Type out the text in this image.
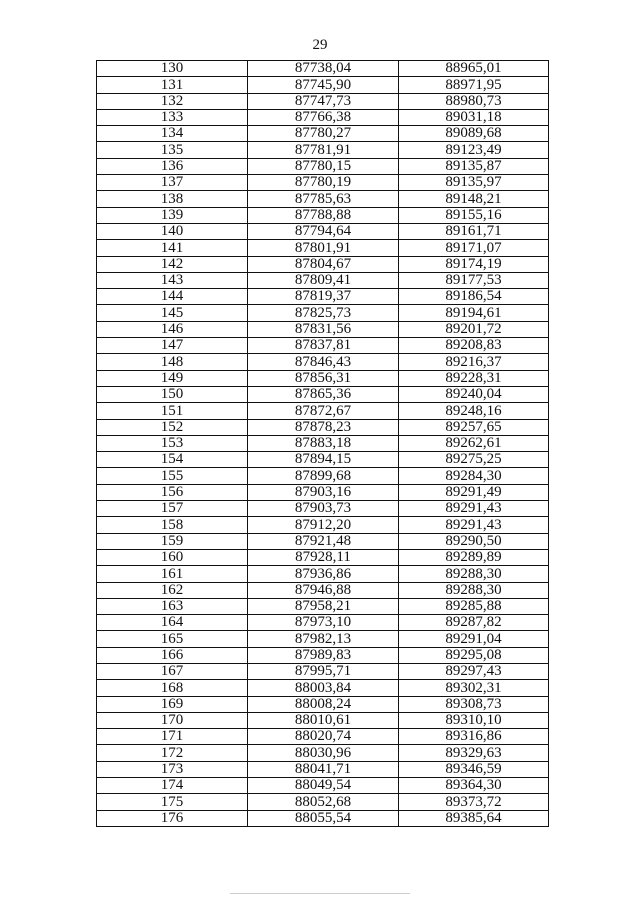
29
130	87738,04	88965,01
131	87745,90	88971,95
132	87747,73	88980,73
133	87766,38	89031,18
134	87780,27	89089,68
135	87781,91	89123,49
136	87780,15	89135,87
137	87780,19	89135,97
138	87785,63	89148,21
139	87788,88	89155,16
140	87794,64	89161,71
141	87801,91	89171,07
142	87804,67	89174,19
143	87809,41	89177,53
144	87819,37	89186,54
145	87825,73	89194,61
146	87831,56	89201,72
147	87837,81	89208,83
148	87846,43	89216,37
149	87856,31	89228,31
150	87865,36	89240,04
151	87872,67	89248,16
152	87878,23	89257,65
153	87883,18	89262,61
154	87894,15	89275,25
155	87899,68	89284,30
156	87903,16	89291,49
157	87903,73	89291,43
158	87912,20	89291,43
159	87921,48	89290,50
160	87928,11	89289,89
161	87936,86	89288,30
162	87946,88	89288,30
163	87958,21	89285,88
164	87973,10	89287,82
165	87982,13	89291,04
166	87989,83	89295,08
167	87995,71	89297,43
168	88003,84	89302,31
169	88008,24	89308,73
170	88010,61	89310,10
171	88020,74	89316,86
172	88030,96	89329,63
173	88041,71	89346,59
174	88049,54	89364,30
175	88052,68	89373,72
176	88055,54	89385,64
